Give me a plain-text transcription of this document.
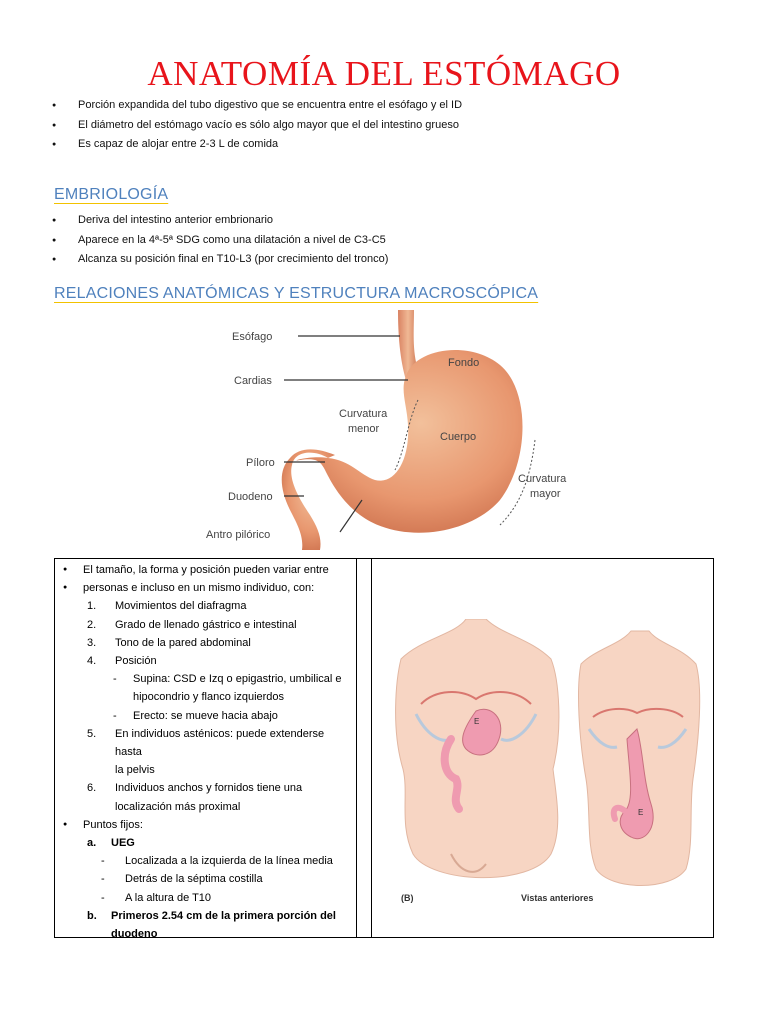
ANATOMÍA DEL ESTÓMAGO
● Porción expandida del tubo digestivo que se encuentra entre el esófago y el ID
● El diámetro del estómago vacío es sólo algo mayor que el del intestino grueso
● Es capaz de alojar entre 2-3 L de comida
EMBRIOLOGÍA
● Deriva del intestino anterior embrionario
● Aparece en la 4ª-5ª SDG como una dilatación a nivel de C3-C5
● Alcanza su posición final en T10-L3 (por crecimiento del tronco)
RELACIONES ANATÓMICAS Y ESTRUCTURA MACROSCÓPICA
Esófago
Cardias
Curvatura
menor
Fondo
Cuerpo
Píloro
Duodeno
Antro pilórico
Curvatura
mayor
● El tamaño, la forma y posición pueden variar entre
● personas e incluso en un mismo individuo, con:
1. Movimientos del diafragma
2. Grado de llenado gástrico e intestinal
3. Tono de la pared abdominal
4. Posición
- Supina: CSD e Izq o epigastrio, umbilical e
hipocondrio y flanco izquierdos
- Erecto: se mueve hacia abajo
5. En individuos asténicos: puede extenderse hasta
la pelvis
6. Individuos anchos y fornidos tiene una
localización más proximal
● Puntos fijos:
a. UEG
- Localizada a la izquierda de la línea media
- Detrás de la séptima costilla
- A la altura de T10
b. Primeros 2.54 cm de la primera porción del
duodeno
E
E
(B)	Vistas anteriores
